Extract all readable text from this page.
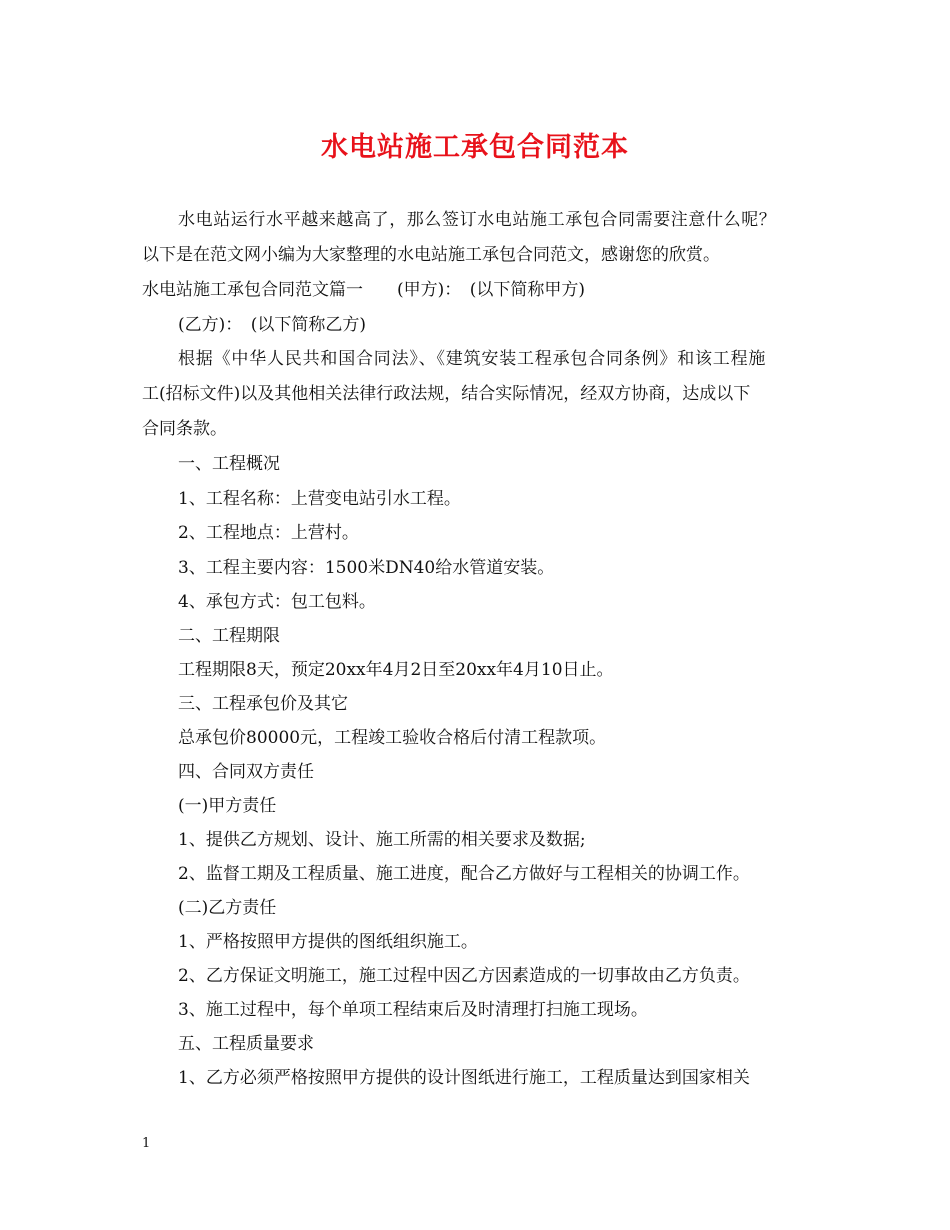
水电站施工承包合同范本
水电站运行水平越来越高了，那么签订水电站施工承包合同需要注意什么呢？
以下是在范文网小编为大家整理的水电站施工承包合同范文，感谢您的欣赏。
水电站施工承包合同范文篇一　　(甲方)：　(以下简称甲方)
(乙方)：　(以下简称乙方)
根据《中华人民共和国合同法》、《建筑安装工程承包合同条例》和该工程施
工(招标文件)以及其他相关法律行政法规，结合实际情况，经双方协商，达成以下
合同条款。
一、工程概况
1、工程名称：上营变电站引水工程。
2、工程地点：上营村。
3、工程主要内容：1500米DN40给水管道安装。
4、承包方式：包工包料。
二、工程期限
工程期限8天，预定20xx年4月2日至20xx年4月10日止。
三、工程承包价及其它
总承包价80000元，工程竣工验收合格后付清工程款项。
四、合同双方责任
(一)甲方责任
1、提供乙方规划、设计、施工所需的相关要求及数据;
2、监督工期及工程质量、施工进度，配合乙方做好与工程相关的协调工作。
(二)乙方责任
1、严格按照甲方提供的图纸组织施工。
2、乙方保证文明施工，施工过程中因乙方因素造成的一切事故由乙方负责。
3、施工过程中，每个单项工程结束后及时清理打扫施工现场。
五、工程质量要求
1、乙方必须严格按照甲方提供的设计图纸进行施工，工程质量达到国家相关
1
